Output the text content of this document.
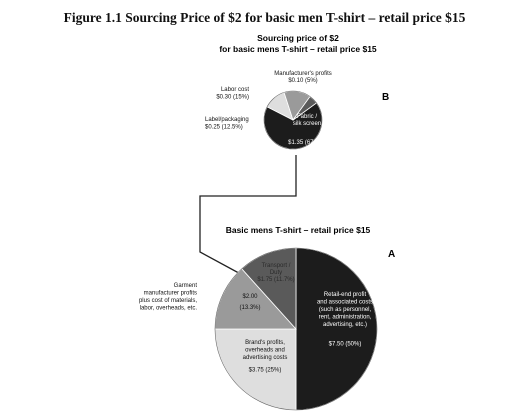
Figure 1.1 Sourcing Price of $2 for basic men T-shirt – retail price $15
Sourcing price of $2
for basic mens T-shirt – retail price $15
B
Fabric /
silk screen
$1.35 (67.5%)
Label/packaging
$0.25 (12.5%)
Labor cost
$0.30 (15%)
Manufacturer's profits
$0.10 (5%)
Basic mens T-shirt – retail price $15
A
Retail-end profit
and associated costs
(such as personnel,
rent, administration,
advertising, etc.)
$7.50 (50%)
Brand's profits,
overheads and
advertising costs
$3.75 (25%)
Garment
manufacturer profits
plus cost of materials,
labor, overheads, etc.
$2.00
Transport /
Duty
$1.75 (11.7%)
(13.3%)
